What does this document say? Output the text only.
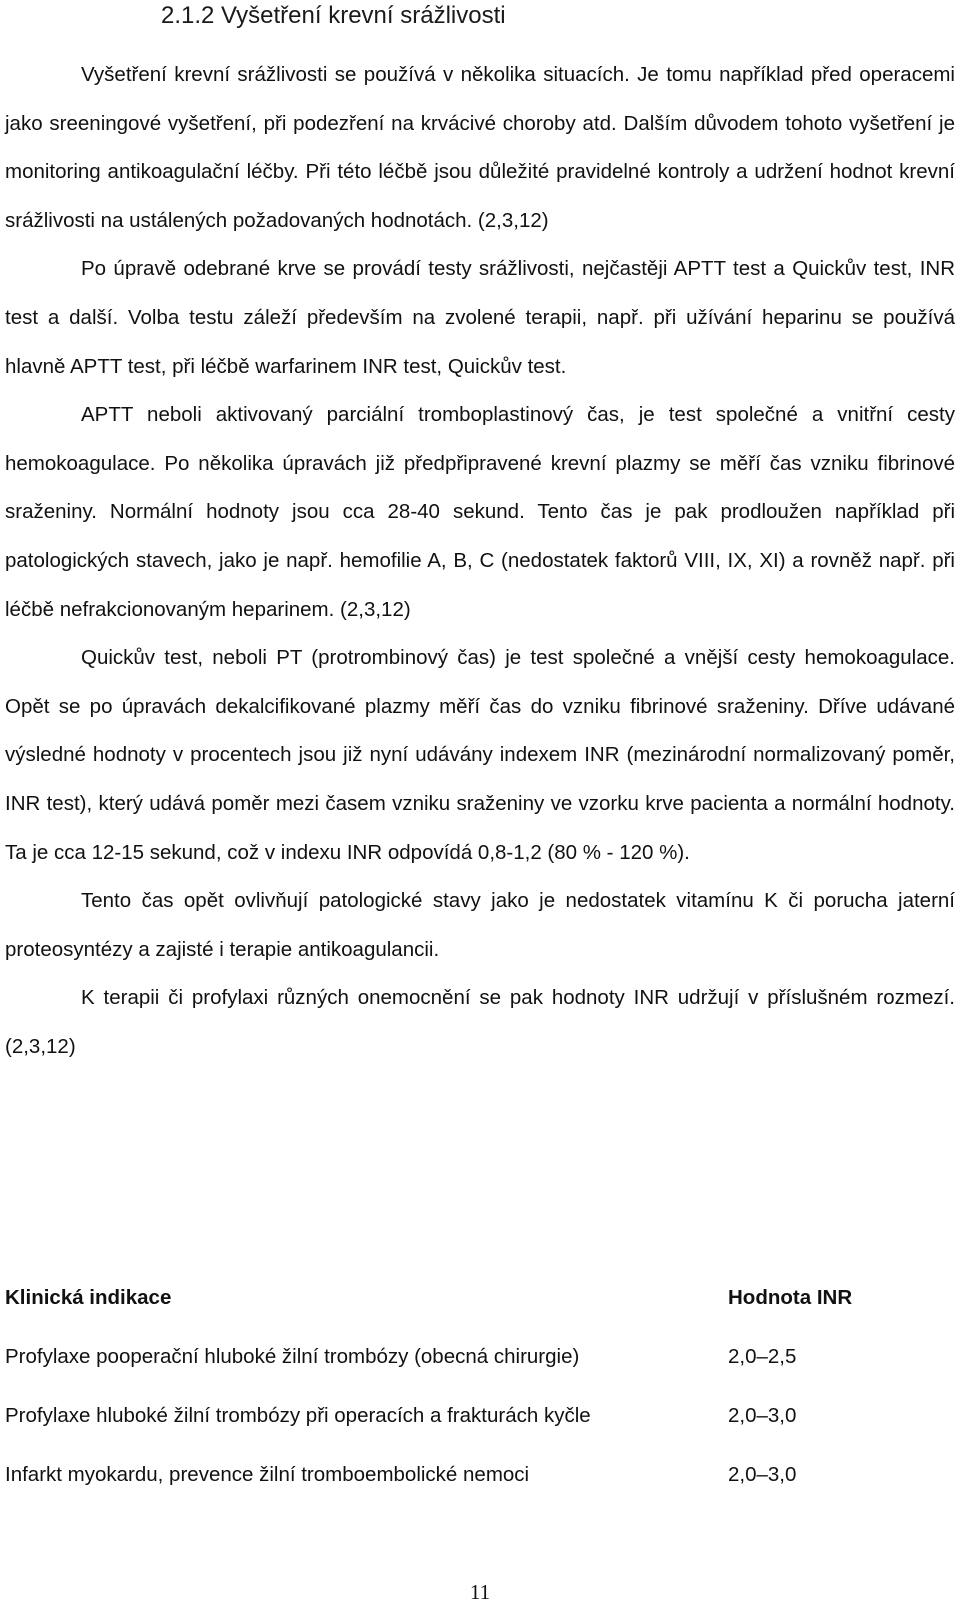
2.1.2 Vyšetření krevní srážlivosti

Vyšetření krevní srážlivosti se používá v několika situacích. Je tomu například před operacemi jako sreeningové vyšetření, při podezření na krvácivé choroby atd. Dalším důvodem tohoto vyšetření je monitoring antikoagulační léčby. Při této léčbě jsou důležité pravidelné kontroly a udržení hodnot krevní srážlivosti na ustálených požadovaných hodnotách. (2,3,12)

Po úpravě odebrané krve se provádí testy srážlivosti, nejčastěji APTT test a Quickův test, INR test a další. Volba testu záleží především na zvolené terapii, např. při užívání heparinu se používá hlavně APTT test, při léčbě warfarinem INR test, Quickův test.

APTT neboli aktivovaný parciální tromboplastinový čas, je test společné a vnitřní cesty hemokoagulace. Po několika úpravách již předpřipravené krevní plazmy se měří čas vzniku fibrinové sraženiny. Normální hodnoty jsou cca 28-40 sekund. Tento čas je pak prodloužen například při patologických stavech, jako je např. hemofilie A, B, C (nedostatek faktorů VIII, IX, XI) a rovněž např. při léčbě nefrakcionovaným heparinem. (2,3,12)

Quickův test, neboli PT (protrombinový čas) je test společné a vnější cesty hemokoagulace. Opět se po úpravách dekalcifikované plazmy měří čas do vzniku fibrinové sraženiny. Dříve udávané výsledné hodnoty v procentech jsou již nyní udávány indexem INR (mezinárodní normalizovaný poměr, INR test), který udává poměr mezi časem vzniku sraženiny ve vzorku krve pacienta a normální hodnoty. Ta je cca 12-15 sekund, což v indexu INR odpovídá 0,8-1,2 (80 % - 120 %).

Tento čas opět ovlivňují patologické stavy jako je nedostatek vitamínu K či porucha jaterní proteosyntézy a zajisté i terapie antikoagulancii.

K terapii či profylaxi různých onemocnění se pak hodnoty INR udržují v příslušném rozmezí. (2,3,12)

Klinická indikace	Hodnota INR
Profylaxe pooperační hluboké žilní trombózy (obecná chirurgie)	2,0–2,5
Profylaxe hluboké žilní trombózy při operacích a frakturách kyčle	2,0–3,0
Infarkt myokardu, prevence žilní tromboembolické nemoci	2,0–3,0
11
